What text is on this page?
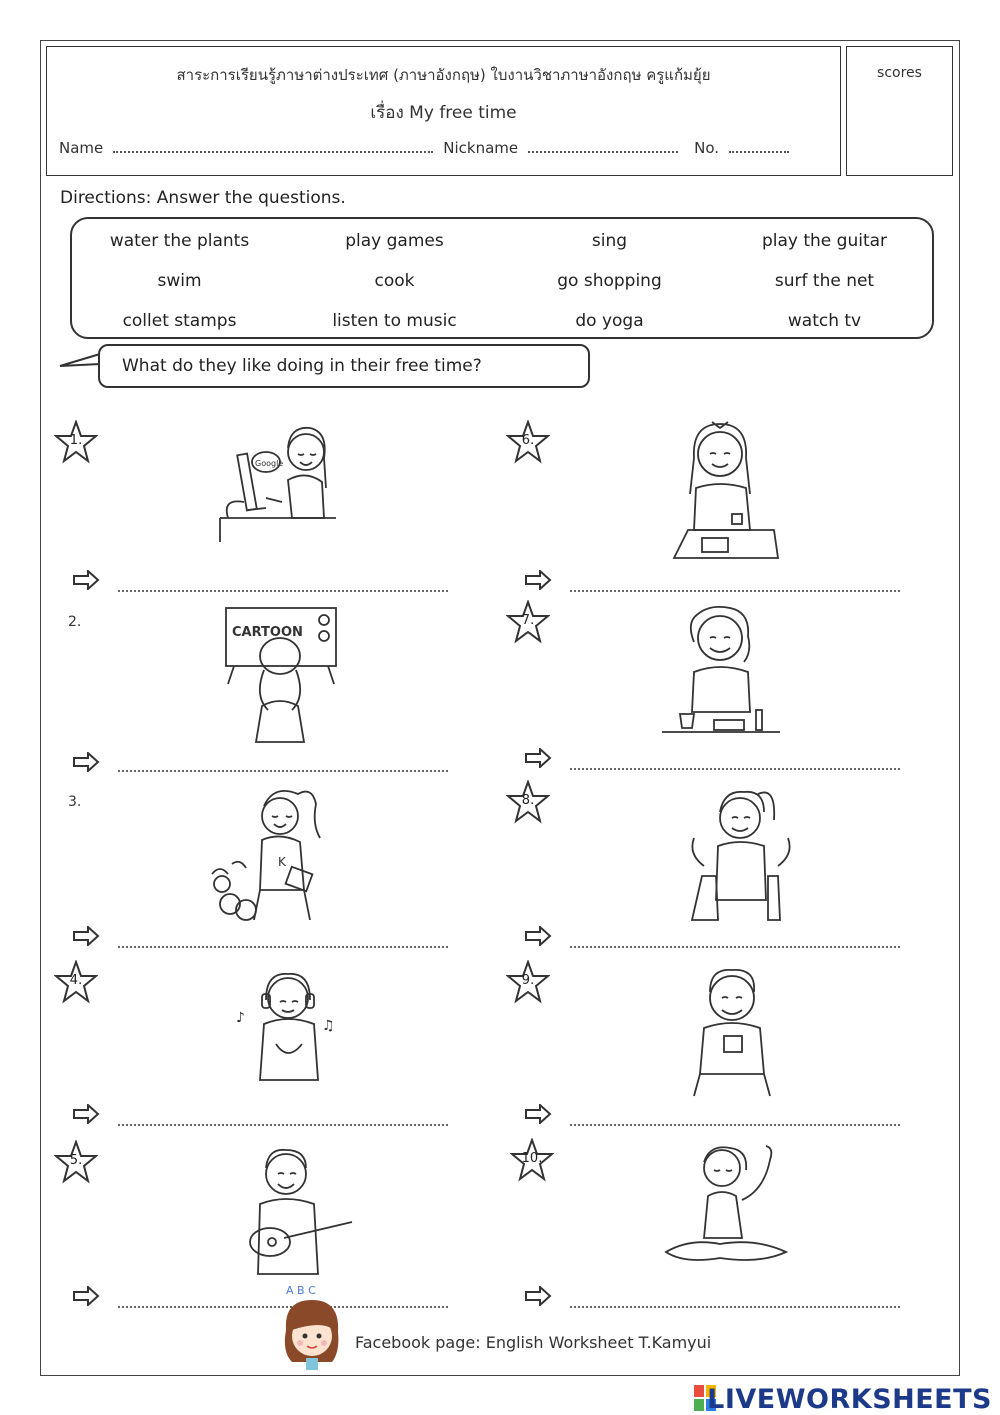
สาระการเรียนรู้ภาษาต่างประเทศ (ภาษาอังกฤษ) ใบงานวิชาภาษาอังกฤษ ครูแก้มยุ้ย
เรื่อง My free time
Name	Nickname	No.
scores
Directions: Answer the questions.
water the plants	play games	sing	play the guitar
swim	cook	go shopping	surf the net
collet stamps	listen to music	do yoga	watch tv
What do they like doing in their free time?
1.
Google
2.
CARTOON
3.
K
4.
♪	♫
5.
6.
7.
8.
9.
10.
A B C
Facebook page: English Worksheet T.Kamyui
LIVEWORKSHEETS
